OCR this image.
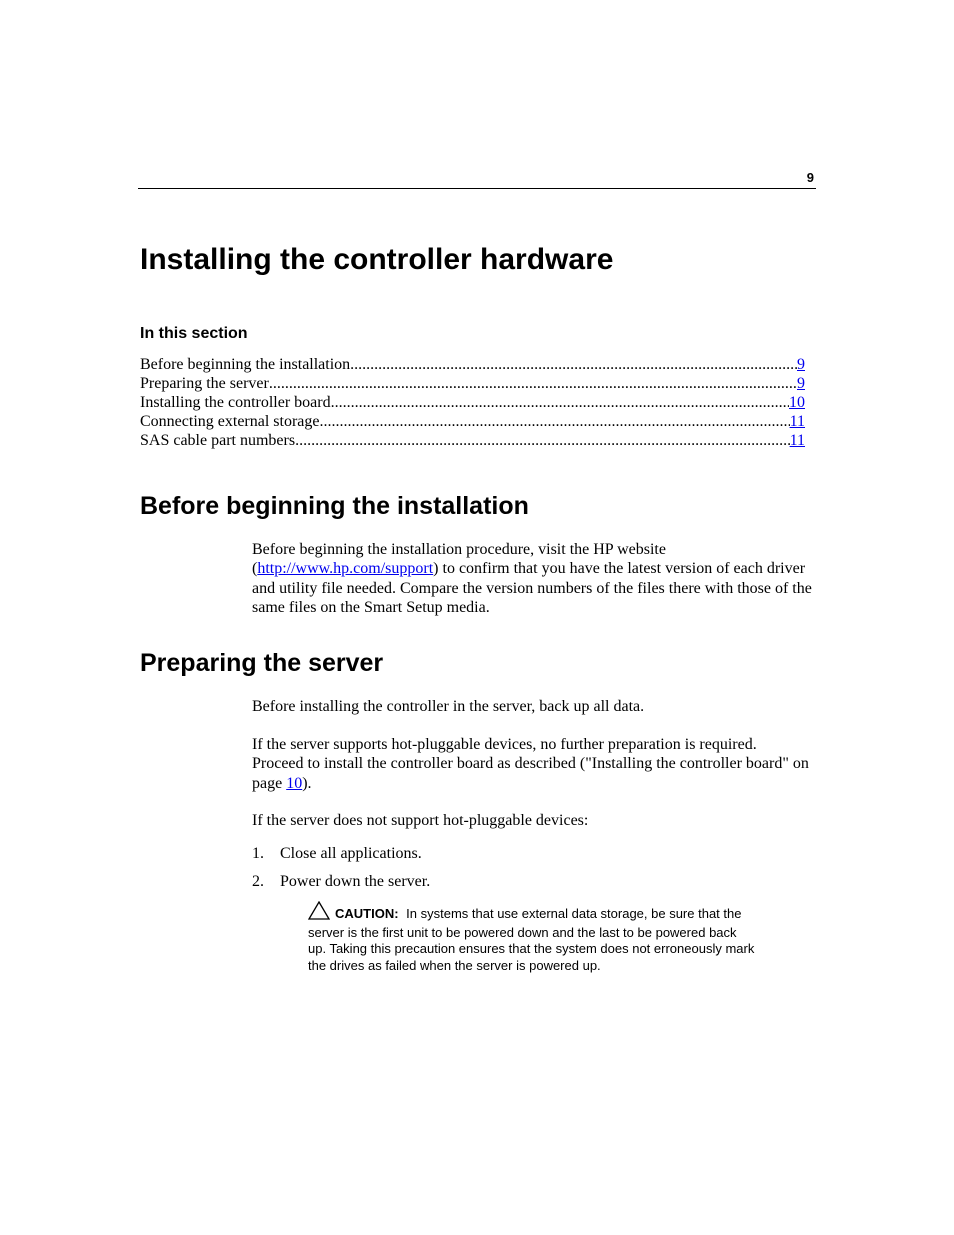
9
Installing the controller hardware
In this section
Before beginning the installation .....	9
Preparing the server .....	9
Installing the controller board .....	10
Connecting external storage .....	11
SAS cable part numbers .....	11
Before beginning the installation

Before beginning the installation procedure, visit the HP website (http://www.hp.com/support) to confirm that you have the latest version of each driver and utility file needed. Compare the version numbers of the files there with those of the same files on the Smart Setup media.

Preparing the server

Before installing the controller in the server, back up all data.

If the server supports hot-pluggable devices, no further preparation is required. Proceed to install the controller board as described ("Installing the controller board" on page 10).

If the server does not support hot-pluggable devices:

1.	Close all applications.
2.	Power down the server.
CAUTION: In systems that use external data storage, be sure that the server is the first unit to be powered down and the last to be powered back up. Taking this precaution ensures that the system does not erroneously mark the drives as failed when the server is powered up.
